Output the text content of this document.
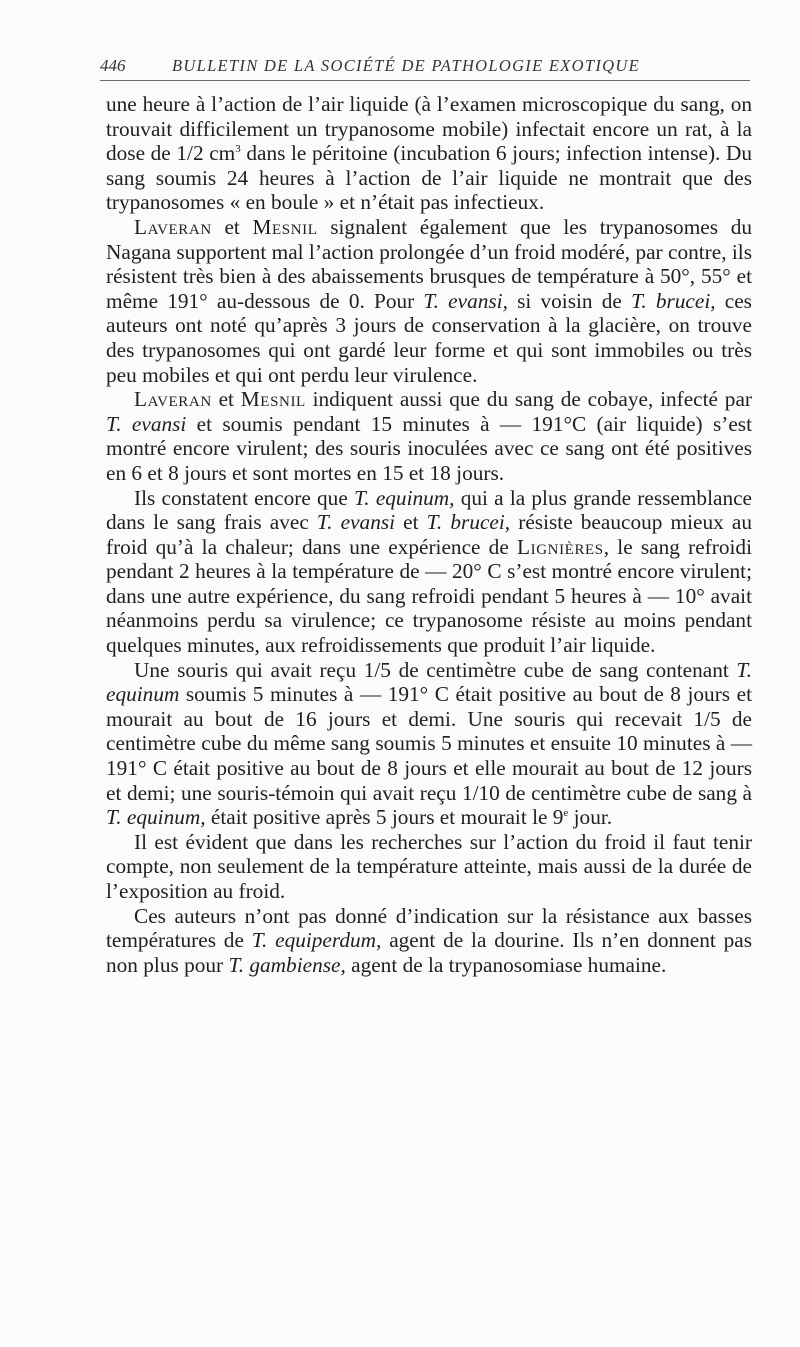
446	BULLETIN DE LA SOCIÉTÉ DE PATHOLOGIE EXOTIQUE

une heure à l’action de l’air liquide (à l’examen microscopique du sang, on trouvait difficilement un trypanosome mobile) infectait encore un rat, à la dose de 1/2 $cm^3$ dans le péritoine (incubation 6 jours; infection intense). Du sang soumis 24 heures à l’action de l’air liquide ne montrait que des trypanosomes « en boule » et n’était pas infectieux.

Laveran et Mesnil signalent également que les trypanosomes du Nagana supportent mal l’action prolongée d’un froid modéré, par contre, ils résistent très bien à des abaissements brusques de température à 50°, 55° et même 191° au-dessous de 0. Pour T. evansi, si voisin de T. brucei, ces auteurs ont noté qu’après 3 jours de conservation à la glacière, on trouve des trypanosomes qui ont gardé leur forme et qui sont immobiles ou très peu mobiles et qui ont perdu leur virulence.

Laveran et Mesnil indiquent aussi que du sang de cobaye, infecté par T. evansi et soumis pendant 15 minutes à — 191°C (air liquide) s’est montré encore virulent; des souris inoculées avec ce sang ont été positives en 6 et 8 jours et sont mortes en 15 et 18 jours.

Ils constatent encore que T. equinum, qui a la plus grande ressemblance dans le sang frais avec T. evansi et T. brucei, résiste beaucoup mieux au froid qu’à la chaleur; dans une expérience de Lignières, le sang refroidi pendant 2 heures à la température de — 20° C s’est montré encore virulent; dans une autre expérience, du sang refroidi pendant 5 heures à — 10° avait néanmoins perdu sa virulence; ce trypanosome résiste au moins pendant quelques minutes, aux refroidissements que produit l’air liquide.

Une souris qui avait reçu 1/5 de centimètre cube de sang contenant T. equinum soumis 5 minutes à — 191° C était positive au bout de 8 jours et mourait au bout de 16 jours et demi. Une souris qui recevait 1/5 de centimètre cube du même sang soumis 5 minutes et ensuite 10 minutes à — 191° C était positive au bout de 8 jours et elle mourait au bout de 12 jours et demi; une souris-témoin qui avait reçu 1/10 de centimètre cube de sang à T. equinum, était positive après 5 jours et mourait le 9e jour.

Il est évident que dans les recherches sur l’action du froid il faut tenir compte, non seulement de la température atteinte, mais aussi de la durée de l’exposition au froid.

Ces auteurs n’ont pas donné d’indication sur la résistance aux basses températures de T. equiperdum, agent de la dourine. Ils n’en donnent pas non plus pour T. gambiense, agent de la trypanosomiase humaine.
